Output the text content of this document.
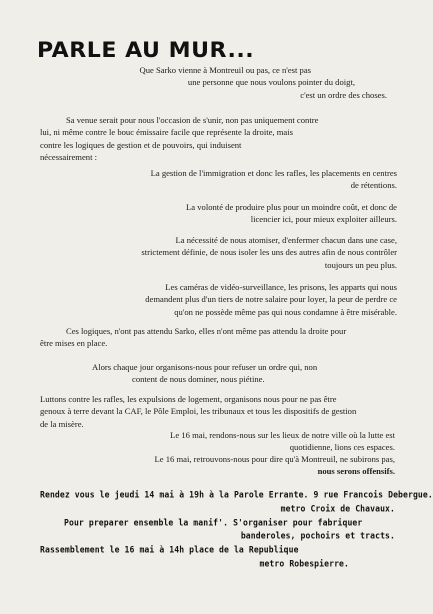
PARLE AU MUR...
Que Sarko vienne à Montreuil ou pas, ce n'est pas
une personne que nous voulons pointer du doigt,
c'est un ordre des choses.
Sa venue serait pour nous l'occasion de s'unir, non pas uniquement contre
lui, ni même contre le bouc émissaire facile que représente la droite, mais
contre les logiques de gestion et de pouvoirs, qui induisent
nécessairement :
La gestion de l'immigration et donc les rafles, les placements en centres
de rétentions.
La volonté de produire plus pour un moindre coût, et donc de
licencier ici, pour mieux exploiter ailleurs.
La nécessité de nous atomiser, d'enfermer chacun dans une case,
strictement définie, de nous isoler les uns des autres afin de nous contrôler
toujours un peu plus.
Les caméras de vidéo-surveillance, les prisons, les apparts qui nous
demandent plus d'un tiers de notre salaire pour loyer, la peur de perdre ce
qu'on ne possède même pas qui nous condamne à être misérable.
Ces logiques, n'ont pas attendu Sarko, elles n'ont même pas attendu la droite pour
être mises en place.
Alors chaque jour organisons-nous pour refuser un ordre qui, non
content de nous dominer, nous piétine.
Luttons contre les rafles, les expulsions de logement, organisons nous pour ne pas être
genoux à terre devant la CAF, le Pôle Emploi, les tribunaux et tous les dispositifs de gestion
de la misère.
Le 16 mai, rendons-nous sur les lieux de notre ville où la lutte est
quotidienne, lions ces espaces.
Le 16 mai, retrouvons-nous pour dire qu'à Montreuil, ne subirons pas,
nous serons offensifs.
Rendez vous le jeudi 14 mai à 19h à la Parole Errante. 9 rue Francois Debergue.
metro Croix de Chavaux.
Pour preparer ensemble la manif'. S'organiser pour fabriquer
banderoles, pochoirs et tracts.
Rassemblement le 16 mai à 14h place de la Republique
metro Robespierre.
